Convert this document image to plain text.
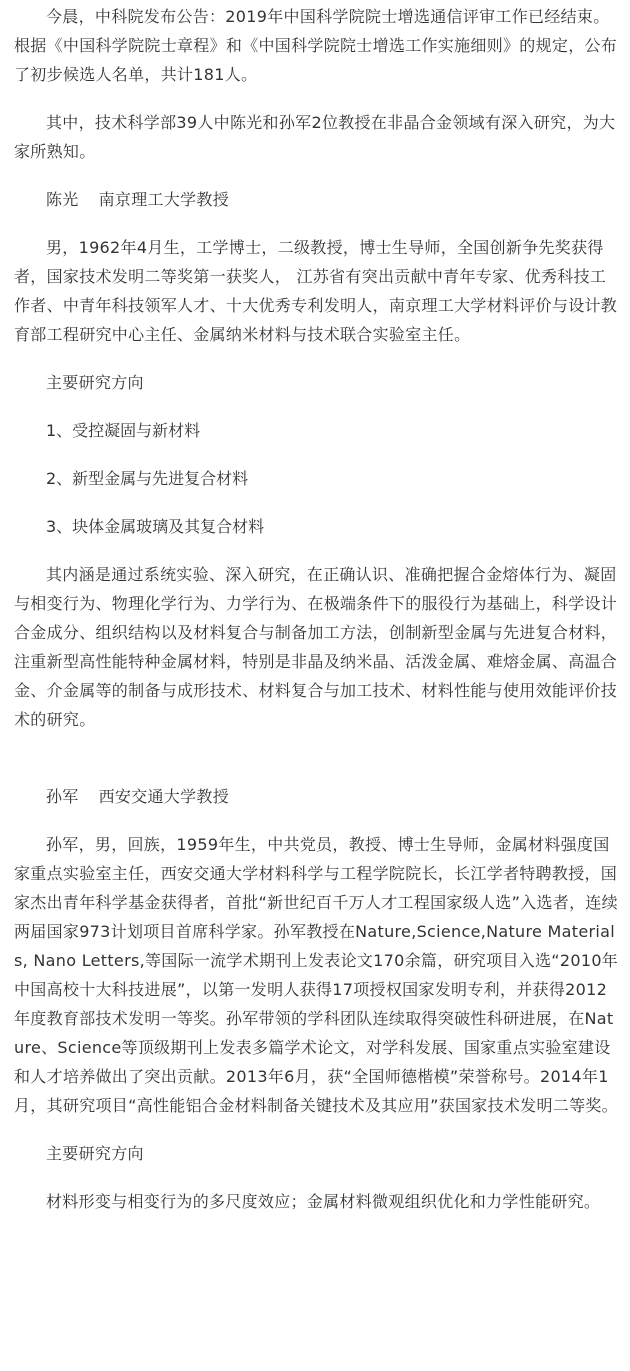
今晨，中科院发布公告：2019年中国科学院院士增选通信评审工作已经结束。根据《中国科学院院士章程》和《中国科学院院士增选工作实施细则》的规定，公布了初步候选人名单，共计181人。

其中，技术科学部39人中陈光和孙军2位教授在非晶合金领域有深入研究，为大家所熟知。

陈光 南京理工大学教授

男，1962年4月生，工学博士，二级教授，博士生导师，全国创新争先奖获得者，国家技术发明二等奖第一获奖人， 江苏省有突出贡献中青年专家、优秀科技工作者、中青年科技领军人才、十大优秀专利发明人，南京理工大学材料评价与设计教育部工程研究中心主任、金属纳米材料与技术联合实验室主任。

主要研究方向

1、受控凝固与新材料

2、新型金属与先进复合材料

3、块体金属玻璃及其复合材料

其内涵是通过系统实验、深入研究，在正确认识、准确把握合金熔体行为、凝固与相变行为、物理化学行为、力学行为、在极端条件下的服役行为基础上，科学设计合金成分、组织结构以及材料复合与制备加工方法，创制新型金属与先进复合材料，注重新型高性能特种金属材料，特别是非晶及纳米晶、活泼金属、难熔金属、高温合金、介金属等的制备与成形技术、材料复合与加工技术、材料性能与使用效能评价技术的研究。

孙军 西安交通大学教授

孙军，男，回族，1959年生，中共党员，教授、博士生导师，金属材料强度国家重点实验室主任，西安交通大学材料科学与工程学院院长，长江学者特聘教授，国家杰出青年科学基金获得者，首批“新世纪百千万人才工程国家级人选”入选者，连续两届国家973计划项目首席科学家。孙军教授在Nature,Science,Nature Materials, Nano Letters,等国际一流学术期刊上发表论文170余篇，研究项目入选“2010年中国高校十大科技进展”，以第一发明人获得17项授权国家发明专利，并获得2012年度教育部技术发明一等奖。孙军带领的学科团队连续取得突破性科研进展，在Nature、Science等顶级期刊上发表多篇学术论文，对学科发展、国家重点实验室建设和人才培养做出了突出贡献。2013年6月，获“全国师德楷模”荣誉称号。2014年1月，其研究项目“高性能铝合金材料制备关键技术及其应用”获国家技术发明二等奖。

主要研究方向

材料形变与相变行为的多尺度效应；金属材料微观组织优化和力学性能研究。
